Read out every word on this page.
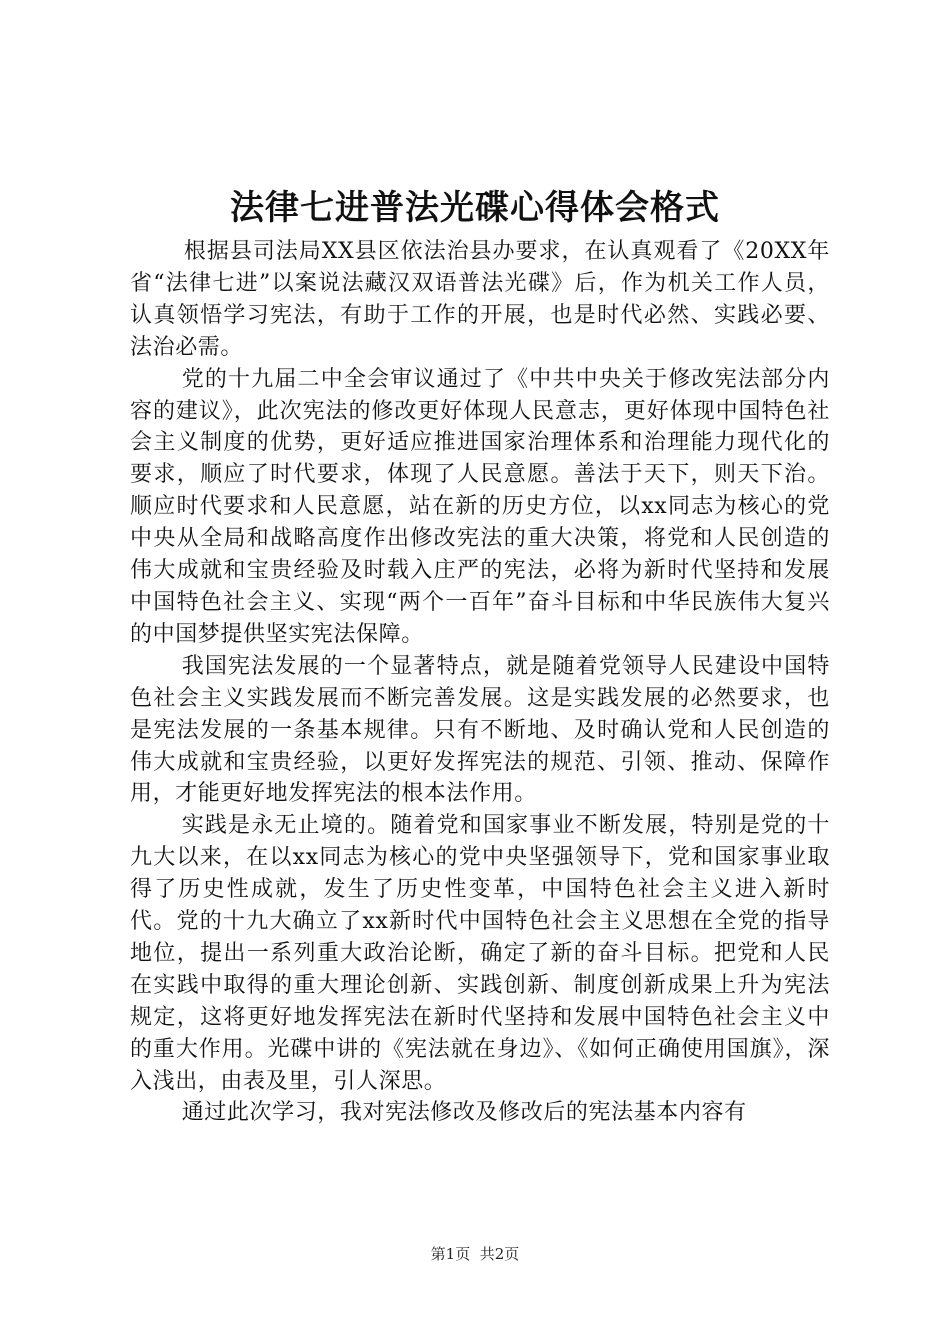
法律七进普法光碟心得体会格式

根据县司法局XX县区依法治县办要求，在认真观看了《20XX年省“法律七进”以案说法藏汉双语普法光碟》后，作为机关工作人员，认真领悟学习宪法，有助于工作的开展，也是时代必然、实践必要、法治必需。

党的十九届二中全会审议通过了《中共中央关于修改宪法部分内容的建议》，此次宪法的修改更好体现人民意志，更好体现中国特色社会主义制度的优势，更好适应推进国家治理体系和治理能力现代化的要求，顺应了时代要求，体现了人民意愿。善法于天下，则天下治。顺应时代要求和人民意愿，站在新的历史方位，以xx同志为核心的党中央从全局和战略高度作出修改宪法的重大决策，将党和人民创造的伟大成就和宝贵经验及时载入庄严的宪法，必将为新时代坚持和发展中国特色社会主义、实现“两个一百年”奋斗目标和中华民族伟大复兴的中国梦提供坚实宪法保障。

我国宪法发展的一个显著特点，就是随着党领导人民建设中国特色社会主义实践发展而不断完善发展。这是实践发展的必然要求，也是宪法发展的一条基本规律。只有不断地、及时确认党和人民创造的伟大成就和宝贵经验，以更好发挥宪法的规范、引领、推动、保障作用，才能更好地发挥宪法的根本法作用。

实践是永无止境的。随着党和国家事业不断发展，特别是党的十九大以来，在以xx同志为核心的党中央坚强领导下，党和国家事业取得了历史性成就，发生了历史性变革，中国特色社会主义进入新时代。党的十九大确立了xx新时代中国特色社会主义思想在全党的指导地位，提出一系列重大政治论断，确定了新的奋斗目标。把党和人民在实践中取得的重大理论创新、实践创新、制度创新成果上升为宪法规定，这将更好地发挥宪法在新时代坚持和发展中国特色社会主义中的重大作用。光碟中讲的《宪法就在身边》、《如何正确使用国旗》，深入浅出，由表及里，引人深思。

通过此次学习，我对宪法修改及修改后的宪法基本内容有

第1页 共2页
